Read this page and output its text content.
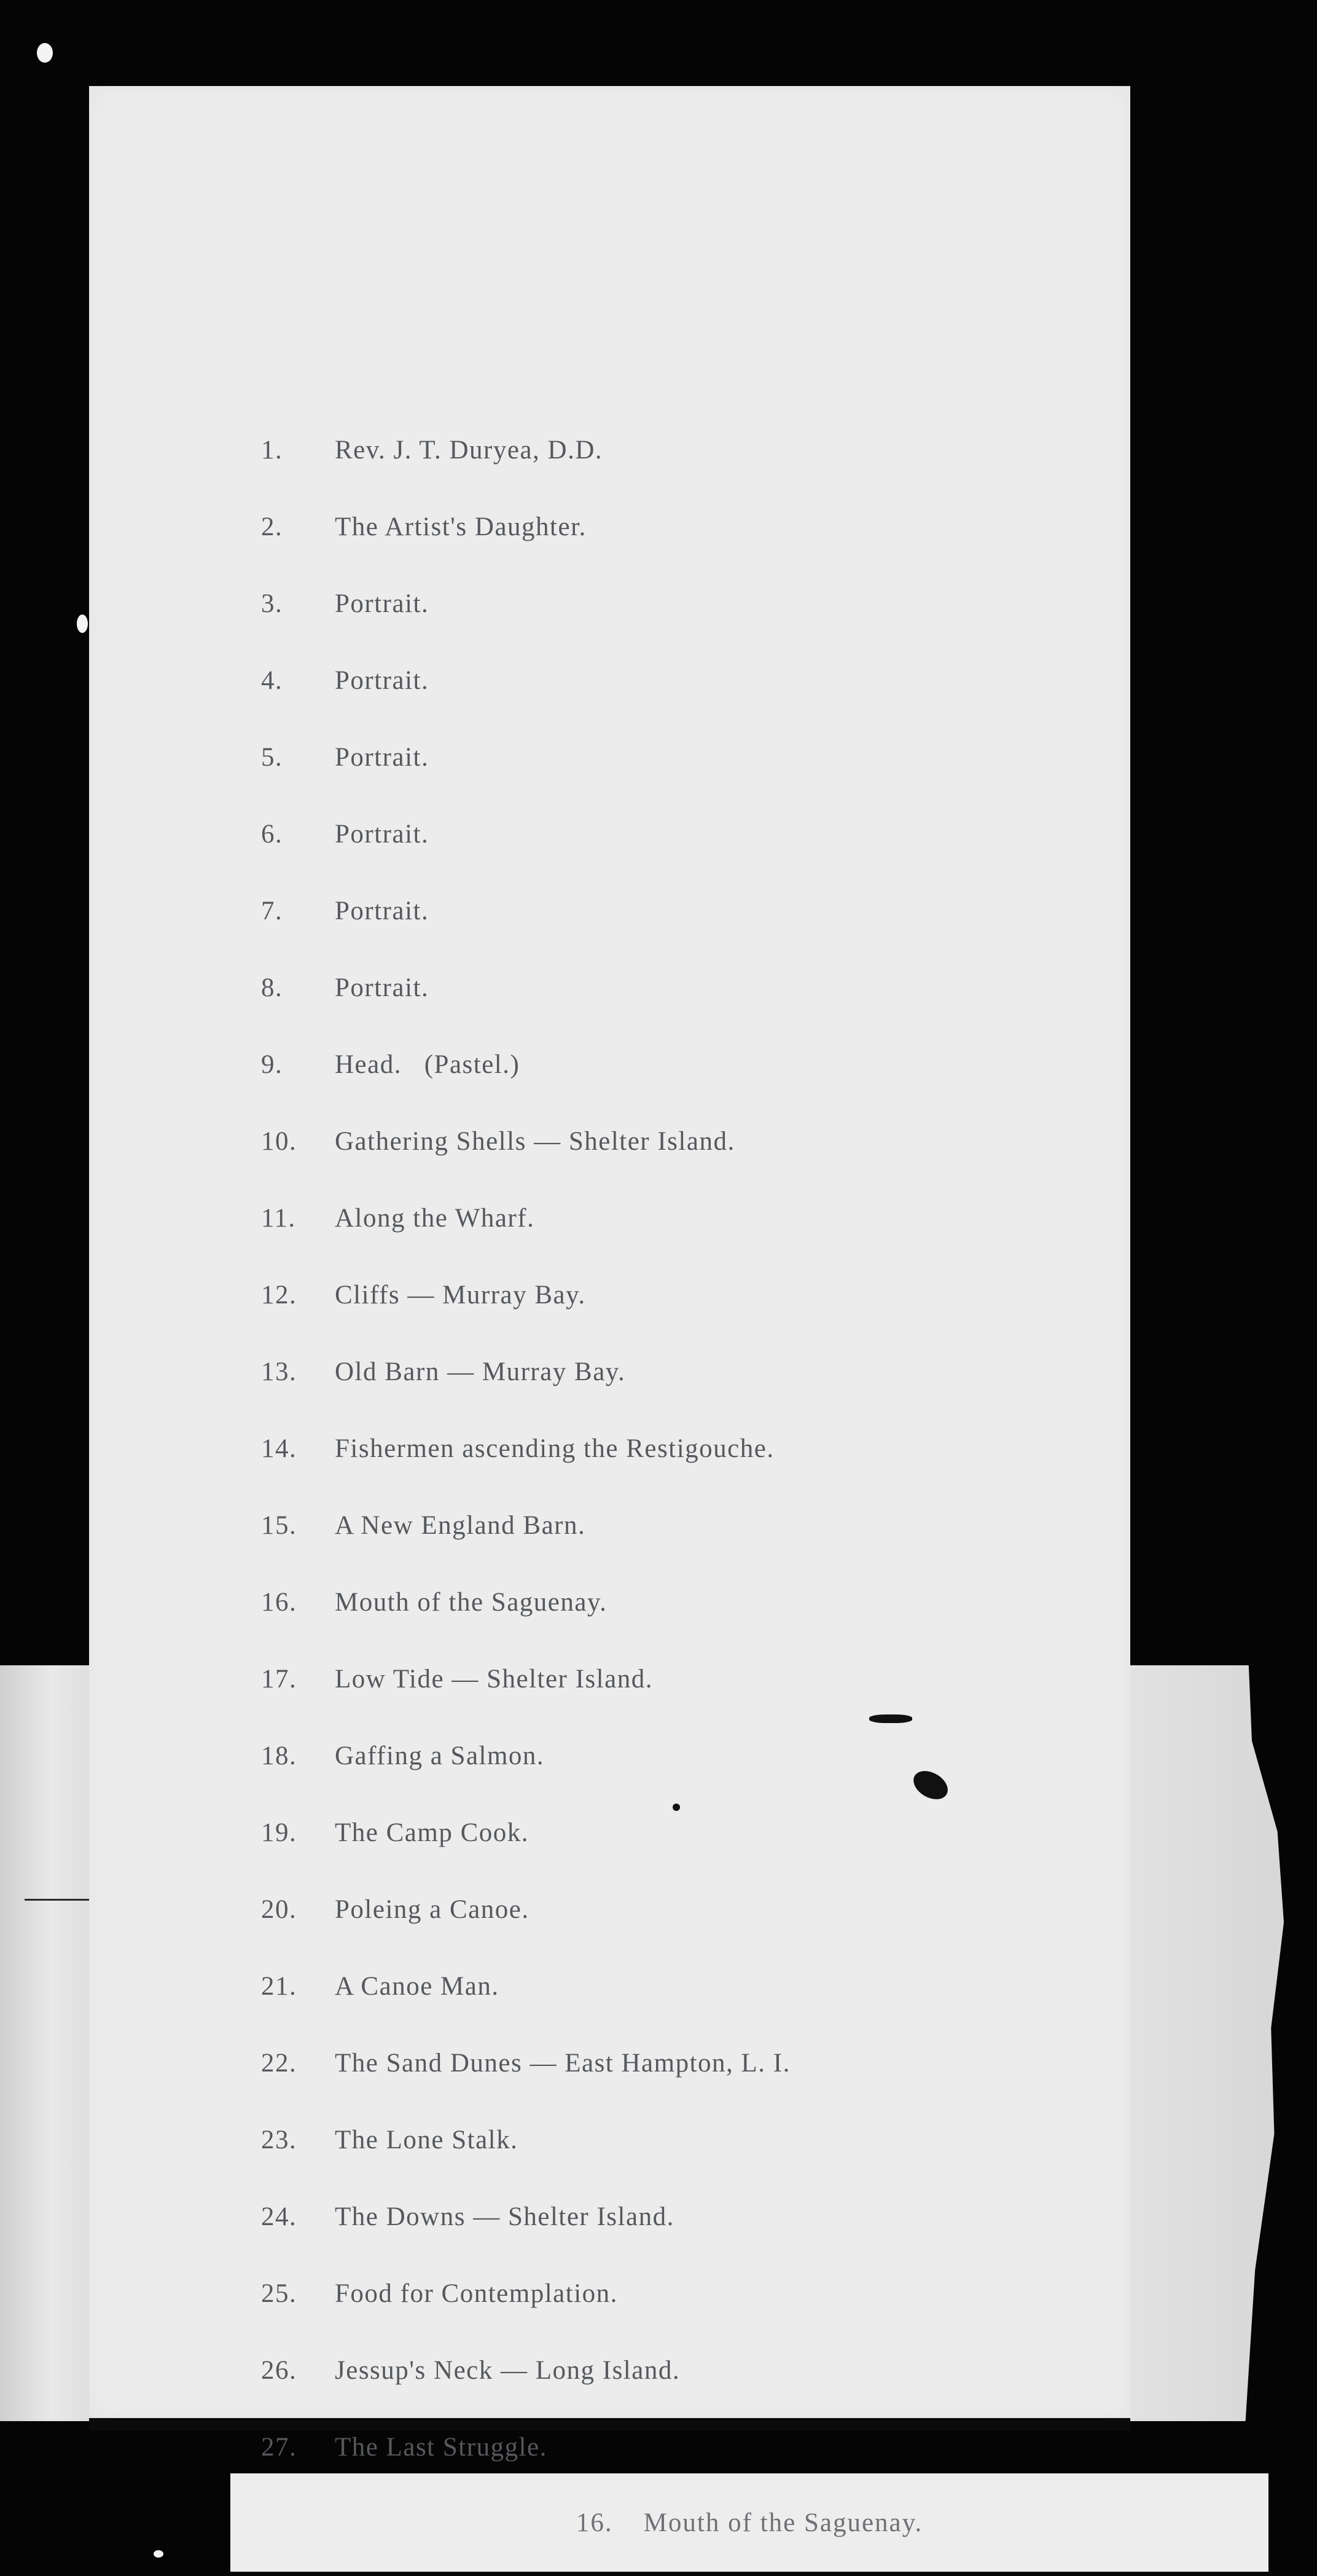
1.	Rev. J. T. Duryea, D.D.
2.	The Artist's Daughter.
3.	Portrait.
4.	Portrait.
5.	Portrait.
6.	Portrait.
7.	Portrait.
8.	Portrait.
9.	Head.   (Pastel.)
10.	Gathering Shells — Shelter Island.
11.	Along the Wharf.
12.	Cliffs — Murray Bay.
13.	Old Barn — Murray Bay.
14.	Fishermen ascending the Restigouche.
15.	A New England Barn.
16.	Mouth of the Saguenay.
17.	Low Tide — Shelter Island.
18.	Gaffing a Salmon.
19.	The Camp Cook.
20.	Poleing a Canoe.
21.	A Canoe Man.
22.	The Sand Dunes — East Hampton, L. I.
23.	The Lone Stalk.
24.	The Downs — Shelter Island.
25.	Food for Contemplation.
26.	Jessup's Neck — Long Island.
27.	The Last Struggle.
16. Mouth of the Saguenay.
